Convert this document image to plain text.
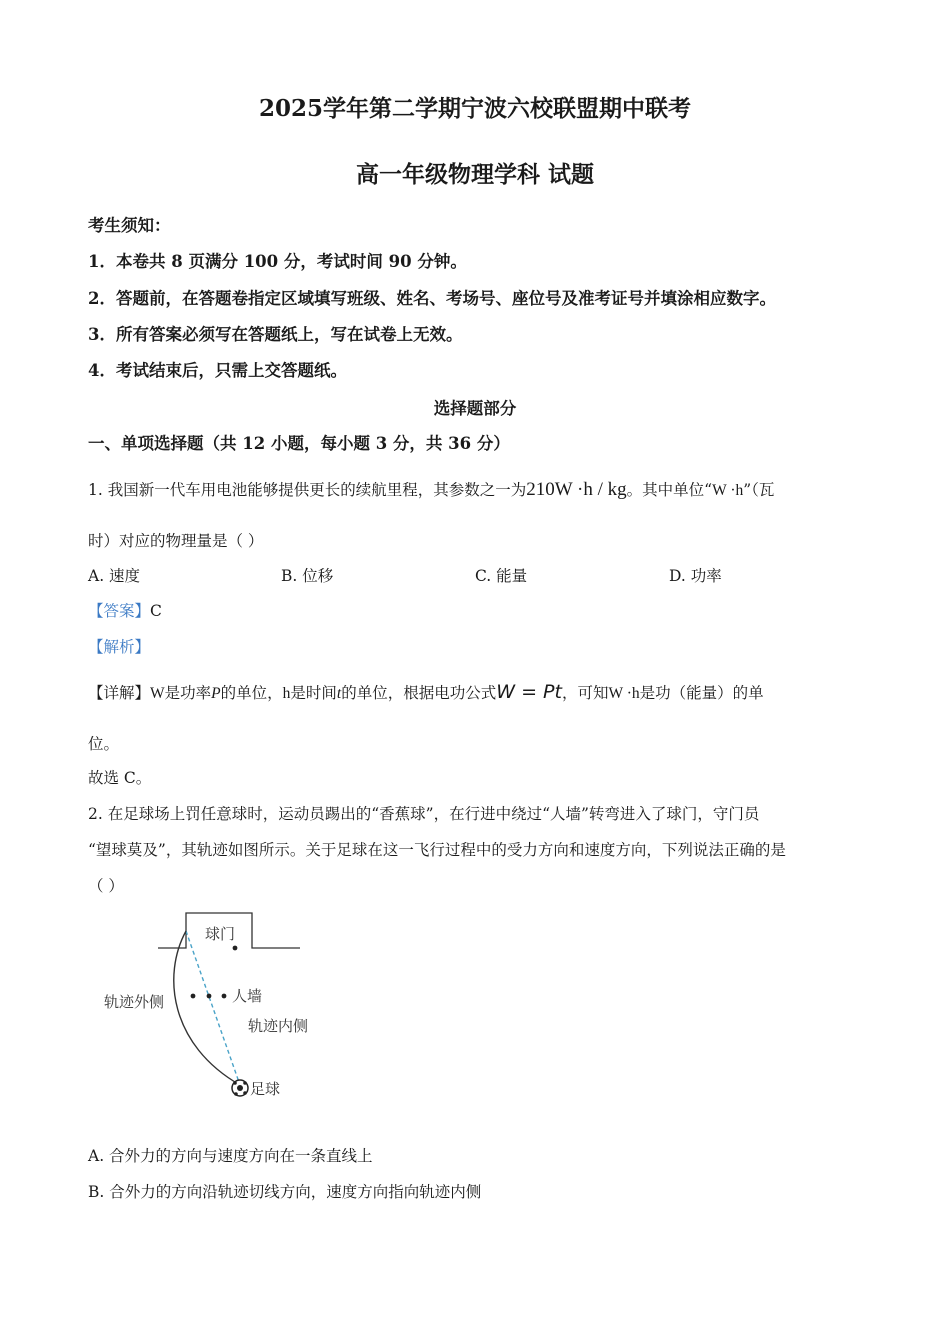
2025学年第二学期宁波六校联盟期中联考
高一年级物理学科 试题
考生须知：
1．本卷共 8 页满分 100 分，考试时间 90 分钟。
2．答题前，在答题卷指定区域填写班级、姓名、考场号、座位号及准考证号并填涂相应数字。
3．所有答案必须写在答题纸上，写在试卷上无效。
4．考试结束后，只需上交答题纸。
选择题部分
一、单项选择题（共 12 小题，每小题 3 分，共 36 分）
1. 我国新一代车用电池能够提供更长的续航里程，其参数之一为210W ·h / kg。其中单位“W ·h”（瓦
时）对应的物理量是（ ）
A. 速度	B. 位移	C. 能量	D. 功率
【答案】C
【解析】
【详解】W是功率P的单位，h是时间t的单位，根据电功公式W = Pt，可知W ·h是功（能量）的单
位。
故选 C。
2. 在足球场上罚任意球时，运动员踢出的“香蕉球”，在行进中绕过“人墙”转弯进入了球门，守门员
“望球莫及”，其轨迹如图所示。关于足球在这一飞行过程中的受力方向和速度方向，下列说法正确的是
（ ）
球门
人墙
轨迹外侧
轨迹内侧
足球
A. 合外力的方向与速度方向在一条直线上
B. 合外力的方向沿轨迹切线方向，速度方向指向轨迹内侧
